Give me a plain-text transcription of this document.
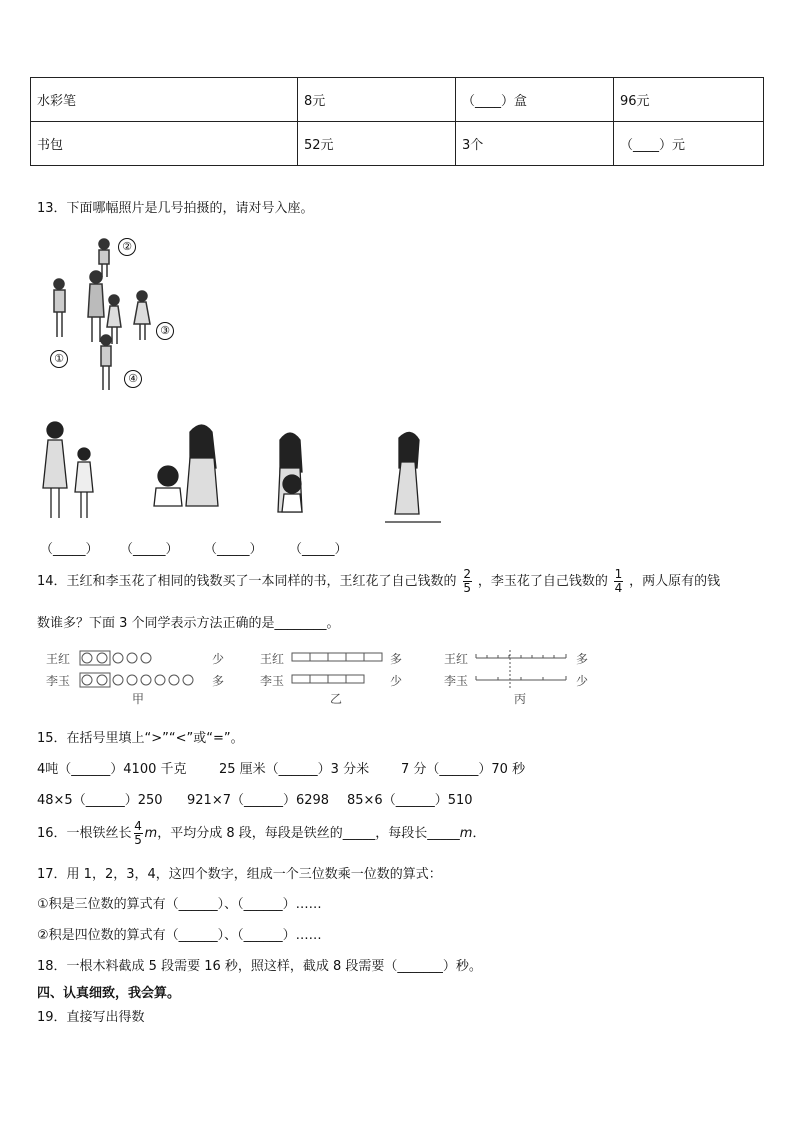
水彩笔	8元	（____）盒	96元
书包	52元	3个	（____）元
13．下面哪幅照片是几号拍摄的，请对号入座。
②
③
①
④
（_____） （_____） （_____） （_____）
14．王红和李玉花了相同的钱数买了一本同样的书，王红花了自己钱数的 $\frac{2}{5}$ ，李玉花了自己钱数的 $\frac{1}{4}$ ，两人原有的钱
数谁多？下面 3 个同学表示方法正确的是________。
王红
李玉
少
多
甲
王红
李玉
多
少
乙
王红
李玉
多
少
丙
15．在括号里填上“>”“<”或“=”。
4吨（______）4100 千克	25 厘米（______）3 分米 7 分（______）70 秒
48×5（______）250 921×7（______）6298 85×6（______）510
16．一根铁丝长 $\frac{4}{5}$ m，平均分成 8 段，每段是铁丝的_____，每段长_____m．
17．用 1，2，3，4，这四个数字，组成一个三位数乘一位数的算式：
①积是三位数的算式有（______）、（______）……
②积是四位数的算式有（______）、（______）……
18．一根木料截成 5 段需要 16 秒，照这样，截成 8 段需要（_______）秒。
四、认真细致，我会算。
19．直接写出得数
